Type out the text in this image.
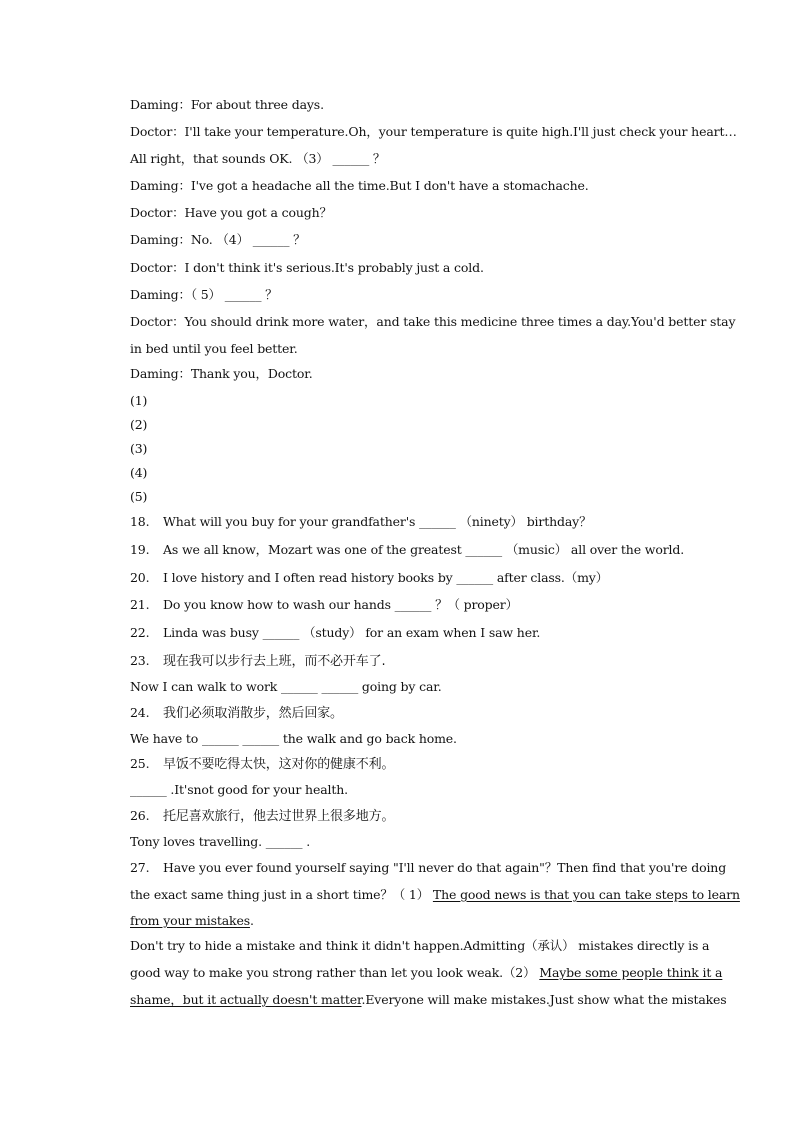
Daming：For about three days.
Doctor：I'll take your temperature.Oh，your temperature is quite high.I'll just check your heart…
All right，that sounds OK. （3） ______ ？
Daming：I've got a headache all the time.But I don't have a stomachache.
Doctor：Have you got a cough？
Daming：No. （4） ______ ？
Doctor：I don't think it's serious.It's probably just a cold.
Daming：（ 5） ______ ？
Doctor：You should drink more water，and take this medicine three times a day.You'd better stay
in bed until you feel better.
Daming：Thank you，Doctor.
(1)
(2)
(3)
(4)
(5)
18. What will you buy for your grandfather's ______ （ninety） birthday？
19. As we all know，Mozart was one of the greatest ______ （music） all over the world.
20. I love history and I often read history books by ______ after class.（my）
21. Do you know how to wash our hands ______ ？（ proper）
22. Linda was busy ______ （study） for an exam when I saw her.
23. 现在我可以步行去上班，而不必开车了.
Now I can walk to work ______ ______ going by car.
24. 我们必须取消散步，然后回家。
We have to ______ ______ the walk and go back home.
25. 早饭不要吃得太快，这对你的健康不利。
______ .It'snot good for your health.
26. 托尼喜欢旅行，他去过世界上很多地方。
Tony loves travelling. ______ .
27. Have you ever found yourself saying "I'll never do that again"？Then find that you're doing
the exact same thing just in a short time？（ 1） The good news is that you can take steps to learn
from your mistakes.
Don't try to hide a mistake and think it didn't happen.Admitting（承认） mistakes directly is a
good way to make you strong rather than let you look weak.（2） Maybe some people think it a
shame，but it actually doesn't matter.Everyone will make mistakes.Just show what the mistakes
